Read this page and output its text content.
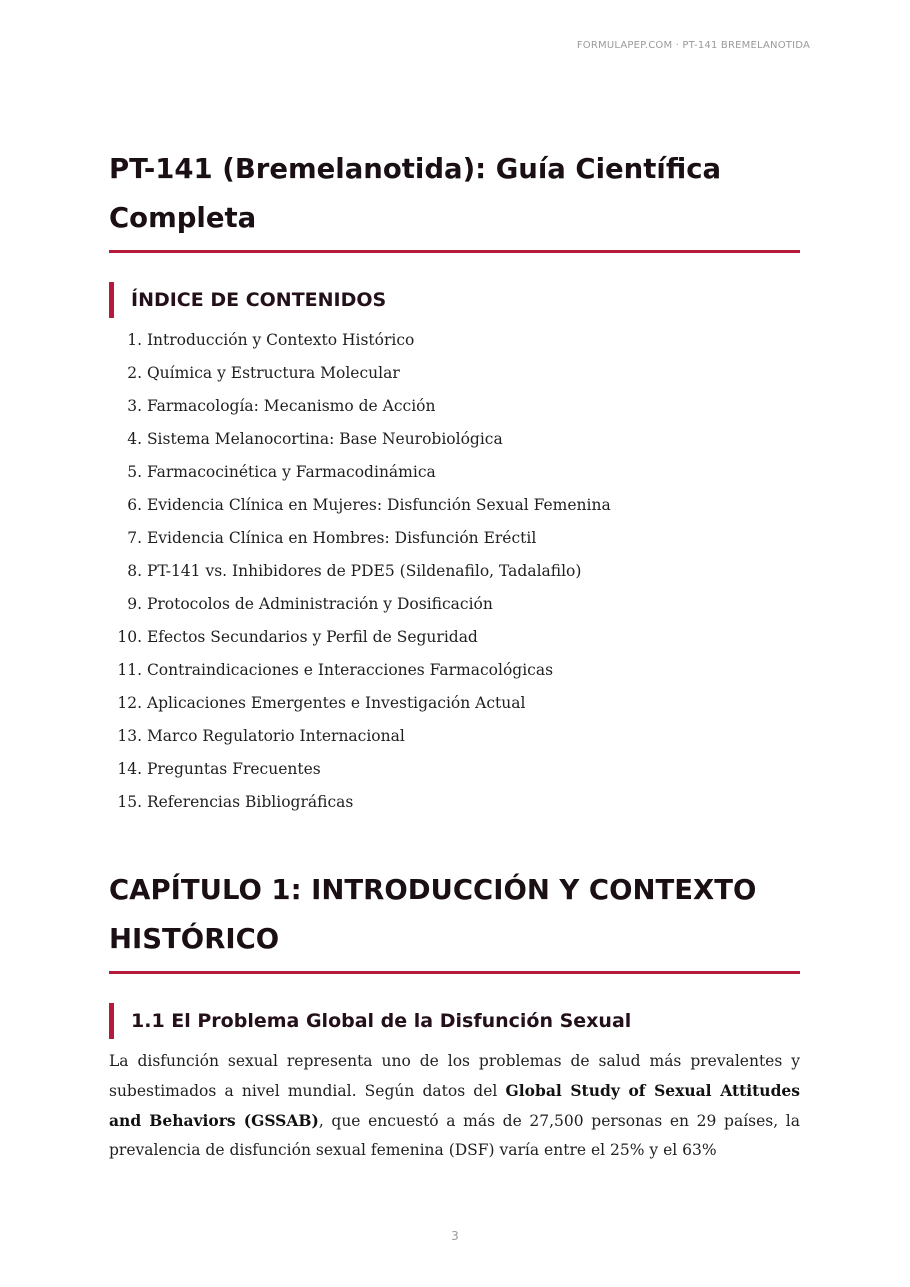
FORMULAPEP.COM · PT-141 BREMELANOTIDA
PT-141 (Bremelanotida): Guía Científica Completa
ÍNDICE DE CONTENIDOS
1. Introducción y Contexto Histórico
2. Química y Estructura Molecular
3. Farmacología: Mecanismo de Acción
4. Sistema Melanocortina: Base Neurobiológica
5. Farmacocinética y Farmacodinámica
6. Evidencia Clínica en Mujeres: Disfunción Sexual Femenina
7. Evidencia Clínica en Hombres: Disfunción Eréctil
8. PT-141 vs. Inhibidores de PDE5 (Sildenafilo, Tadalafilo)
9. Protocolos de Administración y Dosificación
10. Efectos Secundarios y Perfil de Seguridad
11. Contraindicaciones e Interacciones Farmacológicas
12. Aplicaciones Emergentes e Investigación Actual
13. Marco Regulatorio Internacional
14. Preguntas Frecuentes
15. Referencias Bibliográficas
CAPÍTULO 1: INTRODUCCIÓN Y CONTEXTO HISTÓRICO
1.1 El Problema Global de la Disfunción Sexual

La disfunción sexual representa uno de los problemas de salud más prevalentes y subestimados a nivel mundial. Según datos del Global Study of Sexual Attitudes and Behaviors (GSSAB), que encuestó a más de 27,500 personas en 29 países, la prevalencia de disfunción sexual femenina (DSF) varía entre el 25% y el 63%

3
